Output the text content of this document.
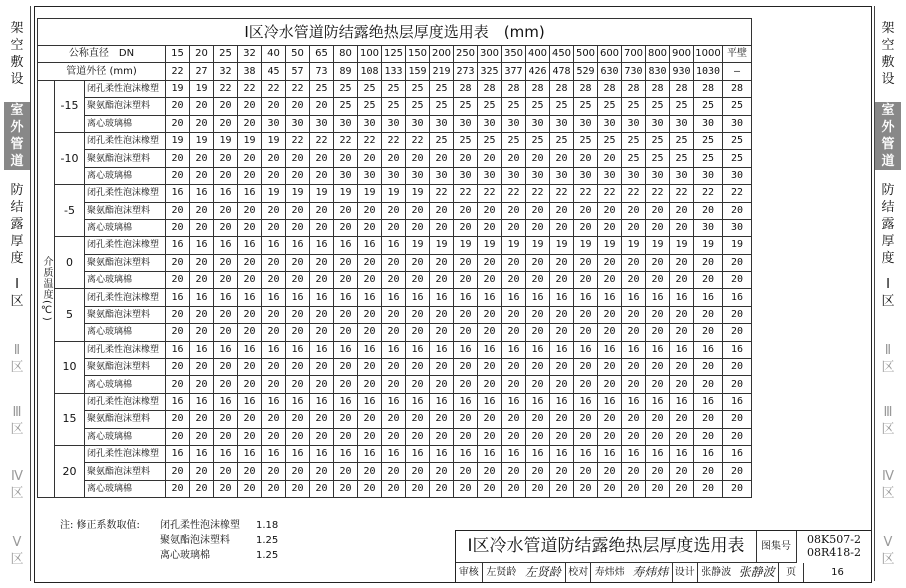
架
空
敷
设
室
外
管
道
防
结
露
厚
度
Ⅰ
区
Ⅱ
区
Ⅲ
区
Ⅳ
区
Ⅴ
区
架
空
敷
设
室
外
管
道
防
结
露
厚
度
Ⅰ
区
Ⅱ
区
Ⅲ
区
Ⅳ
区
Ⅴ
区
Ⅰ区冷水管道防结露绝热层厚度选用表　(mm)																										
公称直径　DN			15	20	25	32	40	50	65	80	100	125	150	200	250	300	350	400	450	500	600	700	800	900	1000	平壁
管道外径 (mm)			22	27	32	38	45	57	73	89	108	133	159	219	273	325	377	426	478	529	630	730	830	930	1030	—
介质温度(℃)	-15	闭孔柔性泡沫橡塑	19	19	22	22	22	22	25	25	25	25	25	25	28	28	28	28	28	28	28	28	28	28	28	28
		聚氨酯泡沫塑料	20	20	20	20	20	20	20	25	25	25	25	25	25	25	25	25	25	25	25	25	25	25	25	25
		离心玻璃棉	20	20	20	20	30	30	30	30	30	30	30	30	30	30	30	30	30	30	30	30	30	30	30	30
	-10	闭孔柔性泡沫橡塑	19	19	19	19	19	22	22	22	22	22	22	25	25	25	25	25	25	25	25	25	25	25	25	25
		聚氨酯泡沫塑料	20	20	20	20	20	20	20	20	20	20	20	20	20	20	20	20	20	20	20	25	25	25	25	25
		离心玻璃棉	20	20	20	20	20	20	20	30	30	30	30	30	30	30	30	30	30	30	30	30	30	30	30	30
	-5	闭孔柔性泡沫橡塑	16	16	16	16	19	19	19	19	19	19	19	22	22	22	22	22	22	22	22	22	22	22	22	22
		聚氨酯泡沫塑料	20	20	20	20	20	20	20	20	20	20	20	20	20	20	20	20	20	20	20	20	20	20	20	20
		离心玻璃棉	20	20	20	20	20	20	20	20	20	20	20	20	20	20	20	20	20	20	20	20	20	20	30	30
	0	闭孔柔性泡沫橡塑	16	16	16	16	16	16	16	16	16	16	19	19	19	19	19	19	19	19	19	19	19	19	19	19
		聚氨酯泡沫塑料	20	20	20	20	20	20	20	20	20	20	20	20	20	20	20	20	20	20	20	20	20	20	20	20
		离心玻璃棉	20	20	20	20	20	20	20	20	20	20	20	20	20	20	20	20	20	20	20	20	20	20	20	20
	5	闭孔柔性泡沫橡塑	16	16	16	16	16	16	16	16	16	16	16	16	16	16	16	16	16	16	16	16	16	16	16	16
		聚氨酯泡沫塑料	20	20	20	20	20	20	20	20	20	20	20	20	20	20	20	20	20	20	20	20	20	20	20	20
		离心玻璃棉	20	20	20	20	20	20	20	20	20	20	20	20	20	20	20	20	20	20	20	20	20	20	20	20
	10	闭孔柔性泡沫橡塑	16	16	16	16	16	16	16	16	16	16	16	16	16	16	16	16	16	16	16	16	16	16	16	16
		聚氨酯泡沫塑料	20	20	20	20	20	20	20	20	20	20	20	20	20	20	20	20	20	20	20	20	20	20	20	20
		离心玻璃棉	20	20	20	20	20	20	20	20	20	20	20	20	20	20	20	20	20	20	20	20	20	20	20	20
	15	闭孔柔性泡沫橡塑	16	16	16	16	16	16	16	16	16	16	16	16	16	16	16	16	16	16	16	16	16	16	16	16
		聚氨酯泡沫塑料	20	20	20	20	20	20	20	20	20	20	20	20	20	20	20	20	20	20	20	20	20	20	20	20
		离心玻璃棉	20	20	20	20	20	20	20	20	20	20	20	20	20	20	20	20	20	20	20	20	20	20	20	20
	20	闭孔柔性泡沫橡塑	16	16	16	16	16	16	16	16	16	16	16	16	16	16	16	16	16	16	16	16	16	16	16	16
		聚氨酯泡沫塑料	20	20	20	20	20	20	20	20	20	20	20	20	20	20	20	20	20	20	20	20	20	20	20	20
		离心玻璃棉	20	20	20	20	20	20	20	20	20	20	20	20	20	20	20	20	20	20	20	20	20	20	20	20
注: 修正系数取值:	闭孔柔性泡沫橡塑	1.18
聚氨酯泡沫塑料	1.25
离心玻璃棉	1.25	Ⅰ区冷水管道防结露绝热层厚度选用表	图集号
08K507-2
08R418-2
审核 左贤龄 左贤龄 校对 寿炜炜 寿炜炜 设计 张静波 张静波	页	16
